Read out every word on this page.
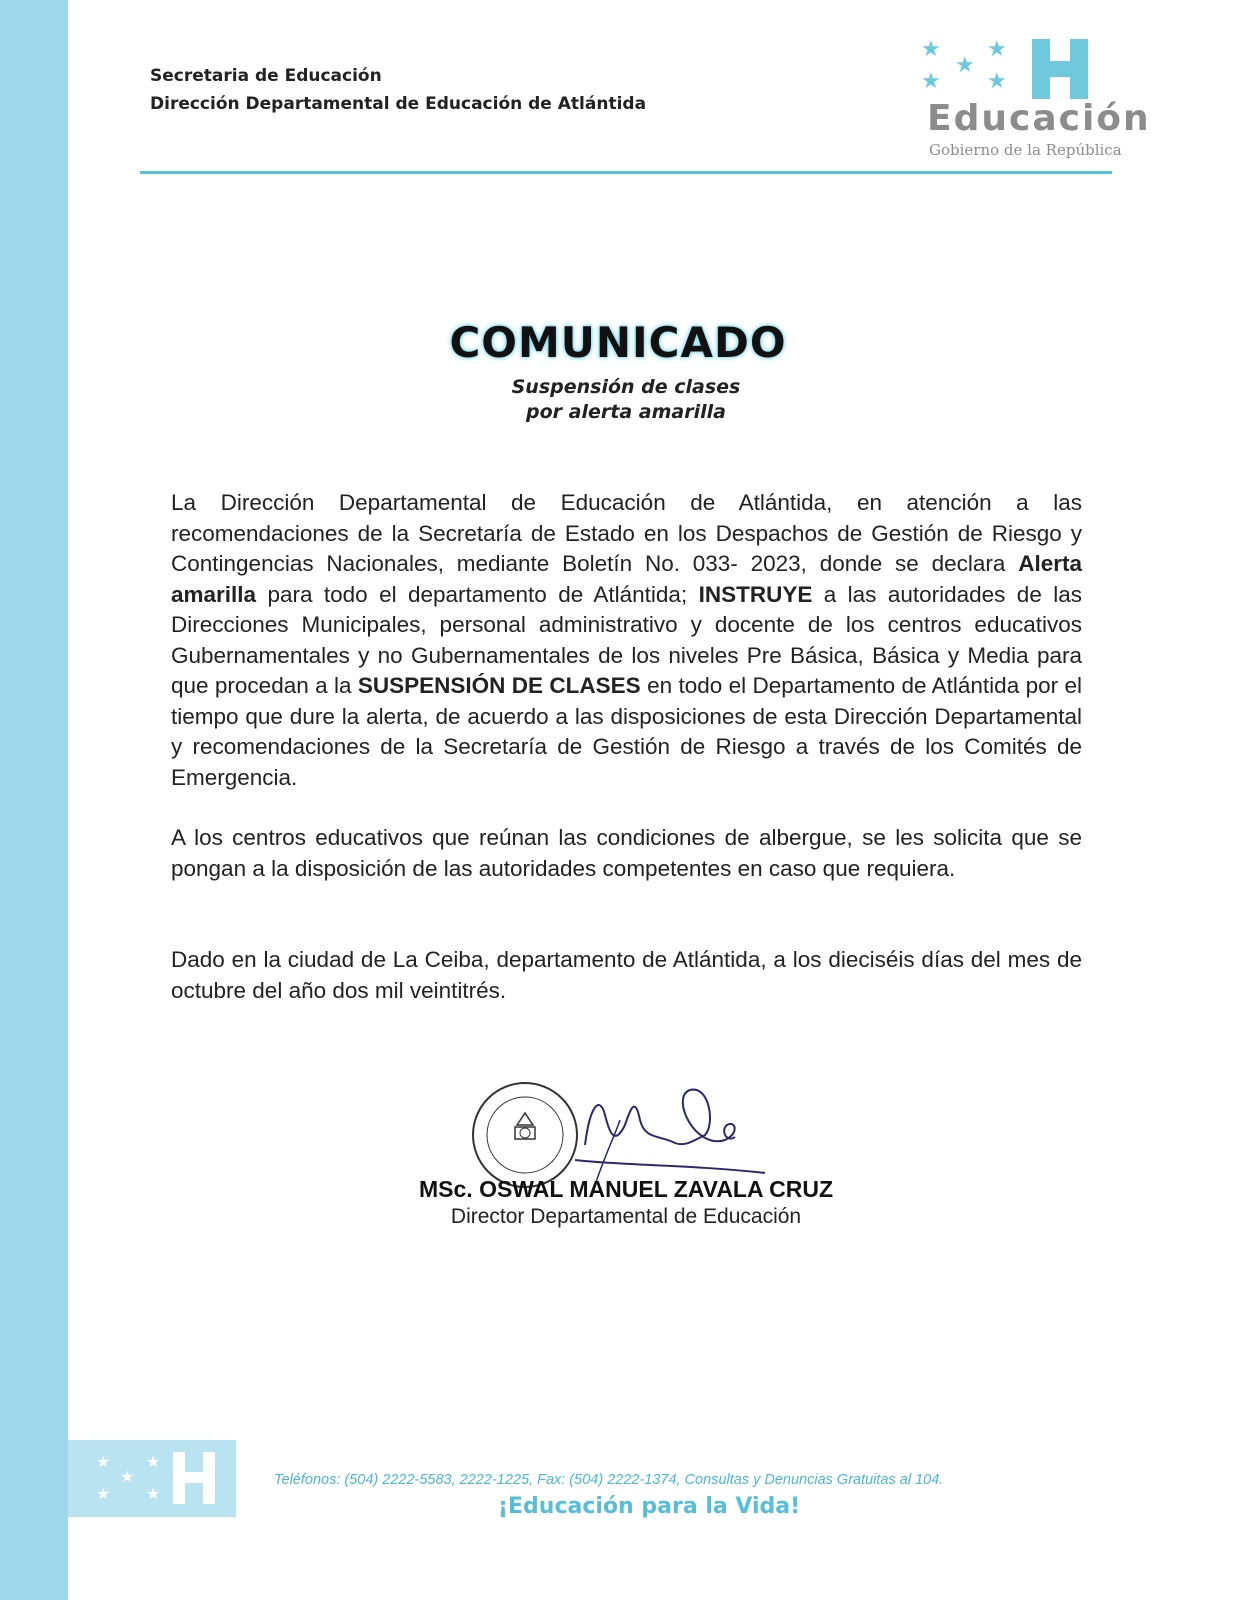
Secretaria de Educación
Dirección Departamental de Educación de Atlántida
★
★
★
★ ★
Educación
Gobierno de la República
COMUNICADO
Suspensión de clases
por alerta amarilla

La Dirección Departamental de Educación de Atlántida, en atención a las recomendaciones de la Secretaría de Estado en los Despachos de Gestión de Riesgo y Contingencias Nacionales, mediante Boletín No. 033- 2023, donde se declara Alerta amarilla para todo el departamento de Atlántida; INSTRUYE a las autoridades de las Direcciones Municipales, personal administrativo y docente de los centros educativos Gubernamentales y no Gubernamentales de los niveles Pre Básica, Básica y Media para que procedan a la SUSPENSIÓN DE CLASES en todo el Departamento de Atlántida por el tiempo que dure la alerta, de acuerdo a las disposiciones de esta Dirección Departamental y recomendaciones de la Secretaría de Gestión de Riesgo a través de los Comités de Emergencia.

A los centros educativos que reúnan las condiciones de albergue, se les solicita que se pongan a la disposición de las autoridades competentes en caso que requiera.

Dado en la ciudad de La Ceiba, departamento de Atlántida, a los dieciséis días del mes de octubre del año dos mil veintitrés.

MSc. OSWAL MANUEL ZAVALA CRUZ
Director Departamental de Educación
★
★
★
★ ★
Teléfonos: (504) 2222-5583, 2222-1225, Fax: (504) 2222-1374, Consultas y Denuncias Gratuitas al 104.
¡Educación para la Vida!
